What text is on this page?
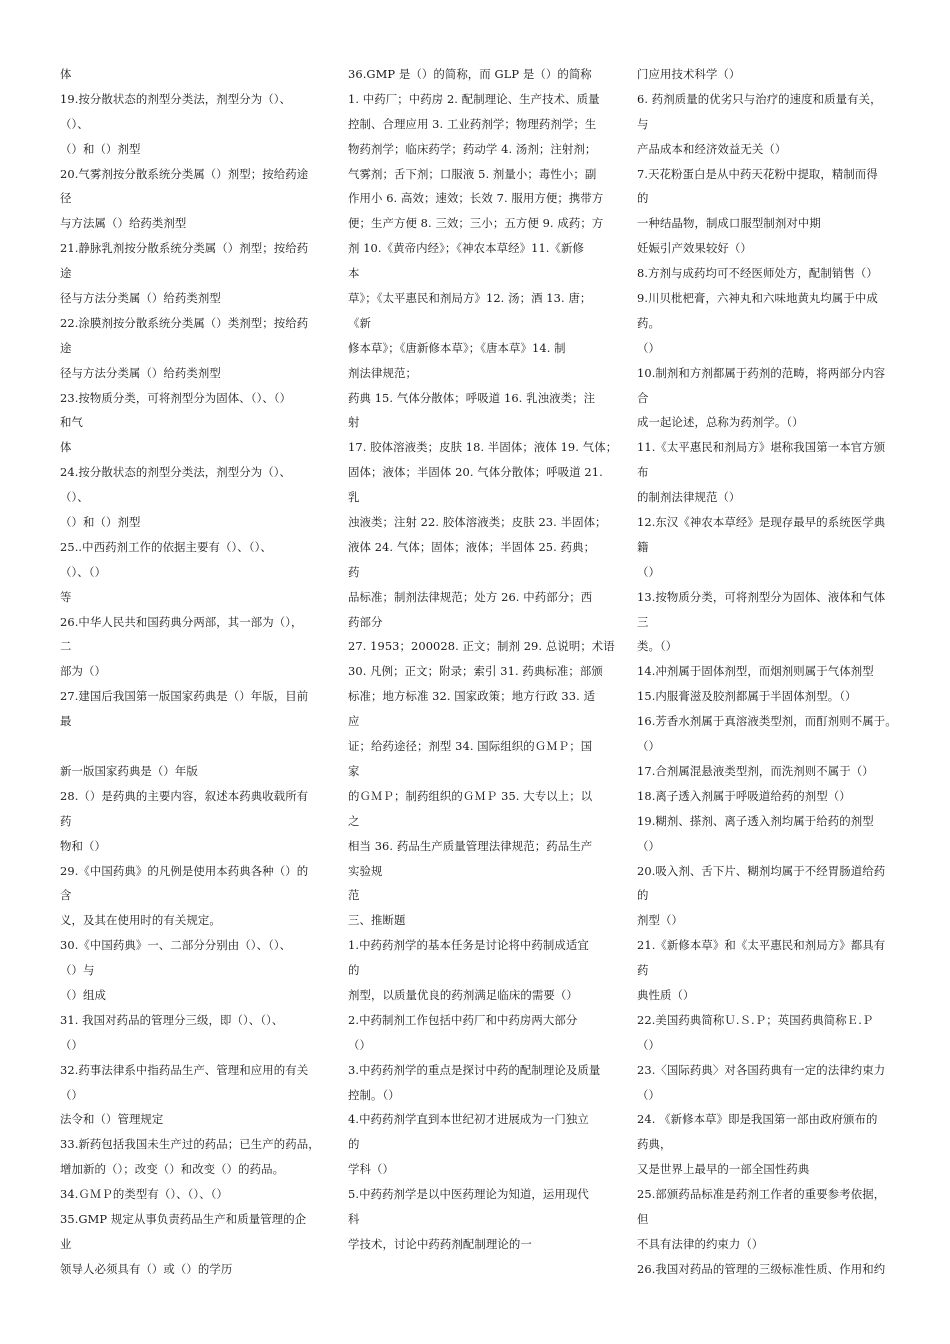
体
19.按分散状态的剂型分类法，剂型分为（）、
（）、
（）和（）剂型
20.气雾剂按分散系统分类属（）剂型；按给药途
径
与方法属（）给药类剂型
21.静脉乳剂按分散系统分类属（）剂型；按给药
途
径与方法分类属（）给药类剂型
22.涂膜剂按分散系统分类属（）类剂型；按给药
途
径与方法分类属（）给药类剂型
23.按物质分类，可将剂型分为固体、（）、（）
和气
体
24.按分散状态的剂型分类法，剂型分为（）、
（）、
（）和（）剂型
25..中西药剂工作的依据主要有（）、（）、
（）、（）
等
26.中华人民共和国药典分两部，其一部为（），
二
部为（）
27.建国后我国第一版国家药典是（）年版，目前
最
新一版国家药典是（）年版
28.（）是药典的主要内容，叙述本药典收载所有
药
物和（）
29.《中国药典》的凡例是使用本药典各种（）的
含
义，及其在使用时的有关规定。
30.《中国药典》一、二部分分别由（）、（）、
（）与
（）组成
31. 我国对药品的管理分三级，即（）、（）、
（）
32.药事法律系中指药品生产、管理和应用的有关
（）
法令和（）管理规定
33.新药包括我国未生产过的药品；已生产的药品，
增加新的（）；改变（）和改变（）的药品。
34.ＧＭＰ的类型有（）、（）、（）
35.GMP 规定从事负责药品生产和质量管理的企
业
领导人必须具有（）或（）的学历
36.GMP 是（）的简称，而 GLP 是（）的简称
1. 中药厂；中药房 2. 配制理论、生产技术、质量
控制、合理应用 3. 工业药剂学；物理药剂学；生
物药剂学；临床药学；药动学 4. 汤剂；注射剂；
气雾剂；舌下剂；口服液 5. 剂量小；毒性小；副
作用小 6. 高效；速效；长效 7. 服用方便；携带方
便；生产方便 8. 三效；三小；五方便 9. 成药；方
剂 10.《黄帝内经》；《神农本草经》11.《新修
本
草》；《太平惠民和剂局方》12. 汤；酒 13. 唐；
《新
修本草》；《唐新修本草》；《唐本草》14. 制
剂法律规范；
药典 15. 气体分散体；呼吸道 16. 乳浊液类；注
射
17. 胶体溶液类；皮肤 18. 半固体；液体 19. 气体；
固体；液体；半固体 20. 气体分散体；呼吸道 21.
乳
浊液类；注射 22. 胶体溶液类；皮肤 23. 半固体；
液体 24. 气体；固体；液体；半固体 25. 药典；
药
品标准；制剂法律规范；处方 26. 中药部分；西
药部分
27. 1953；200028. 正文；制剂 29. 总说明；术语
30. 凡例；正文；附录；索引 31. 药典标准；部颁
标准；地方标准 32. 国家政策；地方行政 33. 适
应
证；给药途径；剂型 34. 国际组织的ＧＭＰ；国
家
的ＧＭＰ；制药组织的ＧＭＰ 35. 大专以上；以
之
相当 36. 药品生产质量管理法律规范；药品生产
实验规
范
三、推断题
1.中药药剂学的基本任务是讨论将中药制成适宜
的
剂型，以质量优良的药剂满足临床的需要（）
2.中药制剂工作包括中药厂和中药房两大部分
（）
3.中药药剂学的重点是探讨中药的配制理论及质量
控制。（）
4.中药药剂学直到本世纪初才进展成为一门独立
的
学科（）
5.中药药剂学是以中医药理论为知道，运用现代
科
学技术，讨论中药药剂配制理论的一
门应用技术科学（）
6. 药剂质量的优劣只与治疗的速度和质量有关，
与
产品成本和经济效益无关（）
7.天花粉蛋白是从中药天花粉中提取，精制而得
的
一种结晶物，制成口服型制剂对中期
妊娠引产效果较好（）
8.方剂与成药均可不经医师处方，配制销售（）
9.川贝枇杷膏，六神丸和六味地黄丸均属于中成
药。
（）
10.制剂和方剂都属于药剂的范畴，将两部分内容
合
成一起论述，总称为药剂学。（）
11.《太平惠民和剂局方》堪称我国第一本官方颁
布
的制剂法律规范（）
12.东汉《神农本草经》是现存最早的系统医学典
籍
（）
13.按物质分类，可将剂型分为固体、液体和气体
三
类。（）
14.冲剂属于固体剂型，而烟剂则属于气体剂型
15.内服膏滋及胶剂都属于半固体剂型。（）
16.芳香水剂属于真溶液类型剂，而酊剂则不属于。
（）
17.合剂属混悬液类型剂，而洗剂则不属于（）
18.离子透入剂属于呼吸道给药的剂型（）
19.糊剂、搽剂、离子透入剂均属于给药的剂型
（）
20.吸入剂、舌下片、糊剂均属于不经胃肠道给药
的
剂型（）
21.《新修本草》和《太平惠民和剂局方》都具有
药
典性质（）
22.美国药典简称Ｕ.Ｓ.Ｐ；英国药典简称Ｅ.Ｐ
（）
23.〈国际药典〉对各国药典有一定的法律约束力
（）
24. 《新修本草》即是我国第一部由政府颁布的
药典，
又是世界上最早的一部全国性药典
25.部颁药品标准是药剂工作者的重要参考依据，
但
不具有法律的约束力（）
26.我国对药品的管理的三级标准性质、作用和约
